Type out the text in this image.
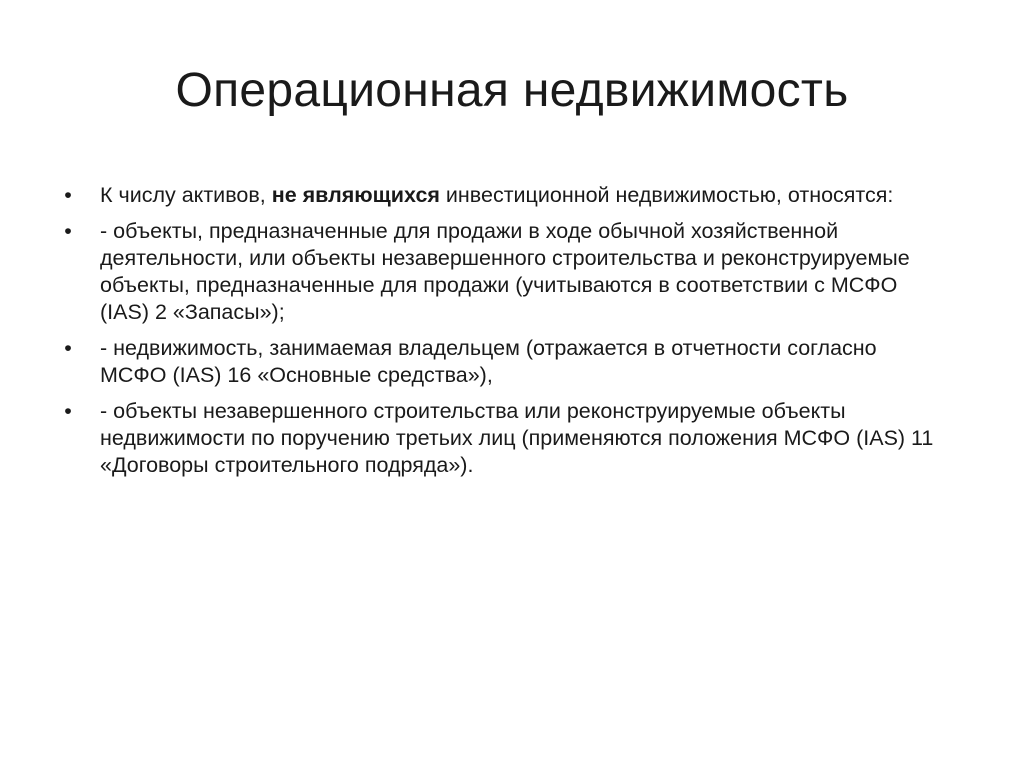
Операционная недвижимость
• К числу активов, не являющихся инвестиционной недвижимостью, относятся:
• - объекты, предназначенные для продажи в ходе обычной хозяйственной деятельности, или объекты незавершенного строительства и реконструируемые объекты, предназначенные для продажи (учитываются в соответствии с МСФО (IAS) 2 «Запасы»);
• - недвижимость, занимаемая владельцем (отражается в отчетности согласно МСФО (IAS) 16 «Основные средства»),
• - объекты незавершенного строительства или реконструируемые объекты недвижимости по поручению третьих лиц (применяются положения МСФО (IAS) 11 «Договоры строительного подряда»).
